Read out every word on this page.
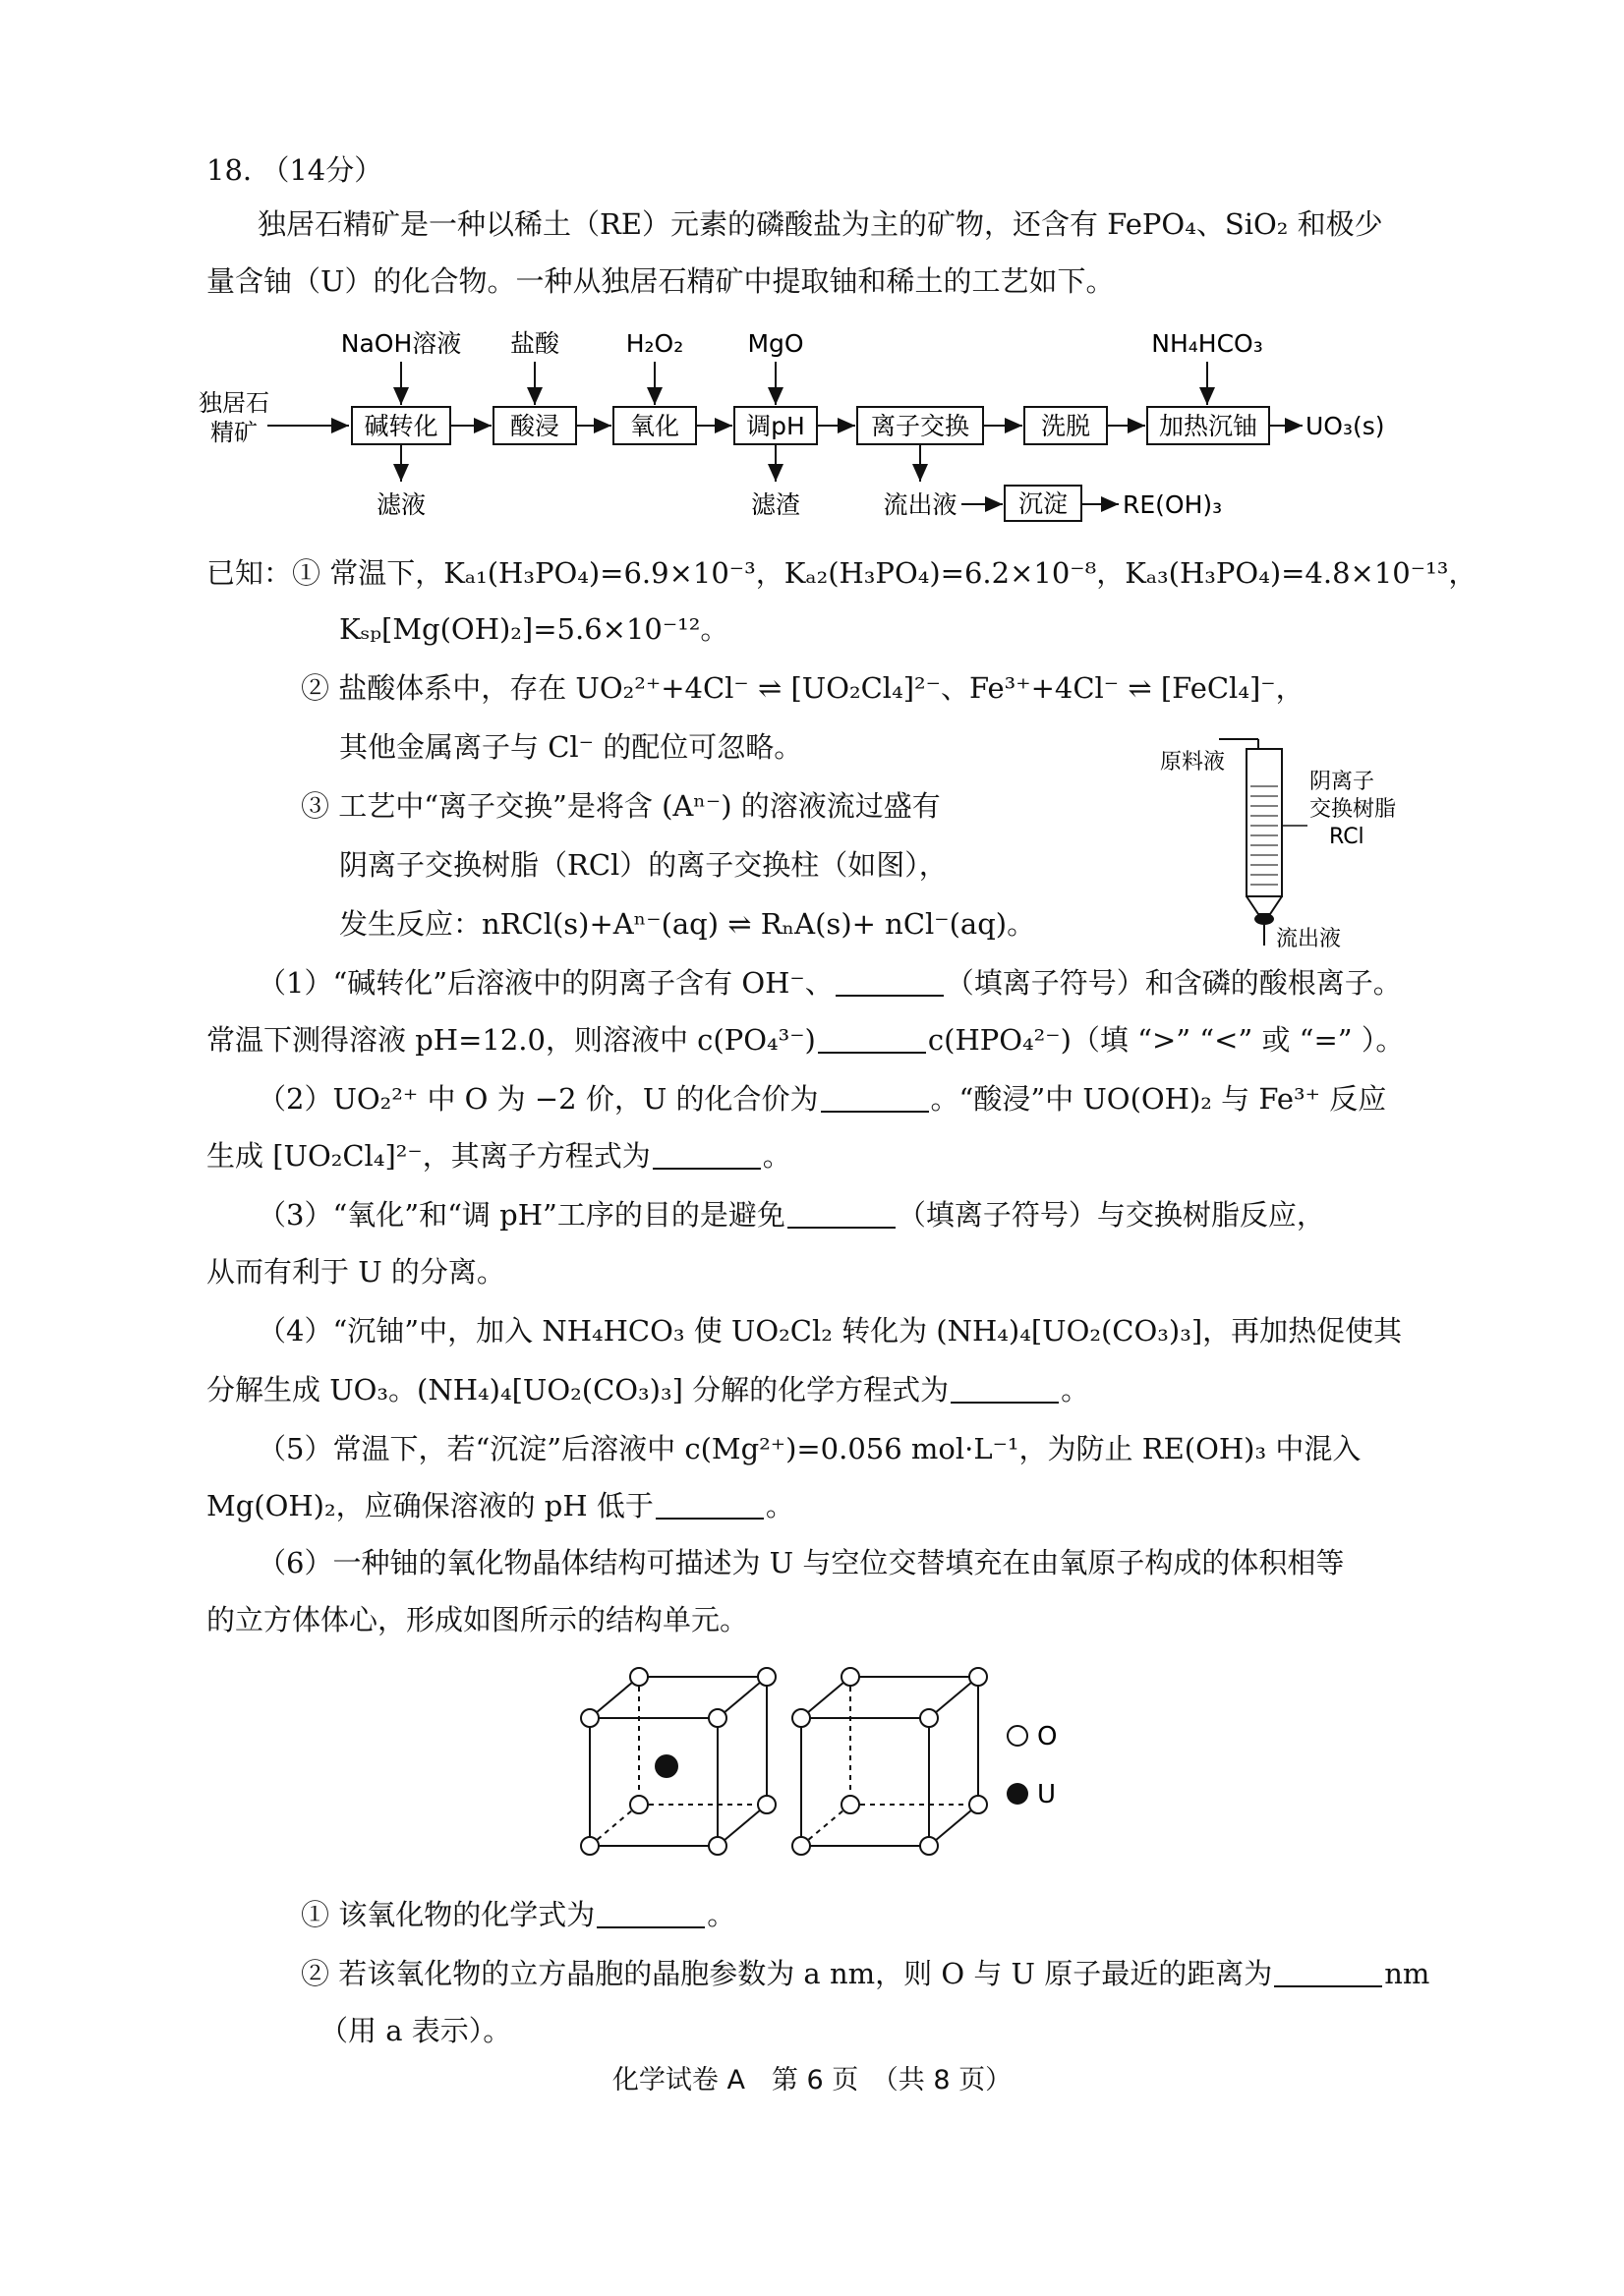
18. （14分）
独居石精矿是一种以稀土（RE）元素的磷酸盐为主的矿物，还含有 FePO₄、SiO₂ 和极少
量含铀（U）的化合物。一种从独居石精矿中提取铀和稀土的工艺如下。
独居石
精矿
NaOH溶液 盐酸	H₂O₂	MgO	NH₄HCO₃
碱转化	酸浸	氧化	调pH	离子交换	洗脱	加热沉铀 UO₃(s)
滤液	滤渣	流出液 沉淀 RE(OH)₃
已知：① 常温下，Kₐ₁(H₃PO₄)=6.9×10⁻³，Kₐ₂(H₃PO₄)=6.2×10⁻⁸，Kₐ₃(H₃PO₄)=4.8×10⁻¹³，
Kₛₚ[Mg(OH)₂]=5.6×10⁻¹²。
② 盐酸体系中，存在 UO₂²⁺+4Cl⁻ ⇌ [UO₂Cl₄]²⁻、Fe³⁺+4Cl⁻ ⇌ [FeCl₄]⁻，
其他金属离子与 Cl⁻ 的配位可忽略。
③ 工艺中“离子交换”是将含 (Aⁿ⁻) 的溶液流过盛有
阴离子交换树脂（RCl）的离子交换柱（如图），
发生反应：nRCl(s)+Aⁿ⁻(aq) ⇌ RₙA(s)+ nCl⁻(aq)。
原料液
阴离子
交换树脂
RCl
流出液
（1）“碱转化”后溶液中的阴离子含有 OH⁻、	（填离子符号）和含磷的酸根离子。
常温下测得溶液 pH=12.0，则溶液中 c(PO₄³⁻)	c(HPO₄²⁻)（填 “>” “<” 或 “=” ）。
（2）UO₂²⁺ 中 O 为 −2 价，U 的化合价为	。“酸浸”中 UO(OH)₂ 与 Fe³⁺ 反应
生成 [UO₂Cl₄]²⁻，其离子方程式为	。
（3）“氧化”和“调 pH”工序的目的是避免	（填离子符号）与交换树脂反应，
从而有利于 U 的分离。
（4）“沉铀”中，加入 NH₄HCO₃ 使 UO₂Cl₂ 转化为 (NH₄)₄[UO₂(CO₃)₃]，再加热促使其
分解生成 UO₃。(NH₄)₄[UO₂(CO₃)₃] 分解的化学方程式为	。
（5）常温下，若“沉淀”后溶液中 c(Mg²⁺)=0.056 mol·L⁻¹，为防止 RE(OH)₃ 中混入
Mg(OH)₂，应确保溶液的 pH 低于	。
（6）一种铀的氧化物晶体结构可描述为 U 与空位交替填充在由氧原子构成的体积相等
的立方体体心，形成如图所示的结构单元。
O
U
① 该氧化物的化学式为	。
② 若该氧化物的立方晶胞的晶胞参数为 a nm，则 O 与 U 原子最近的距离为	nm
（用 a 表示）。
化学试卷 A　第 6 页　（共 8 页）
